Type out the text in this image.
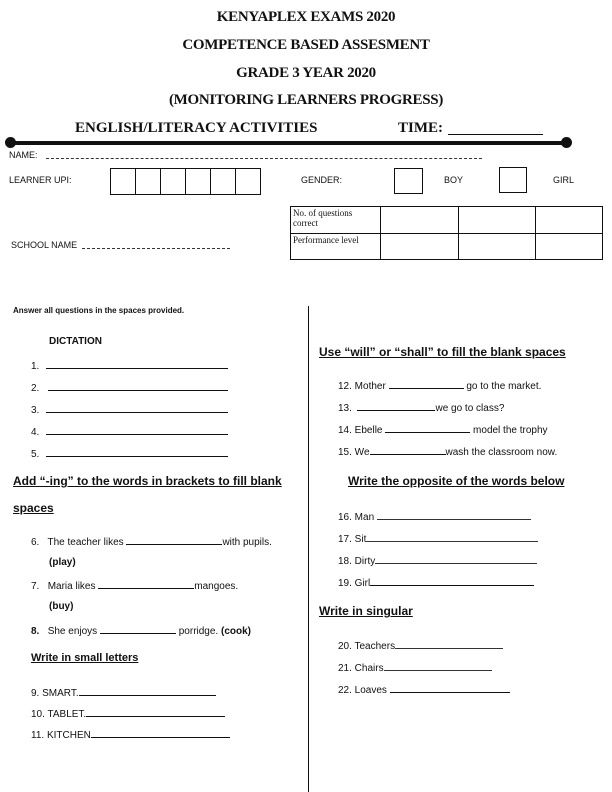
KENYAPLEX EXAMS 2020
COMPETENCE BASED ASSESMENT
GRADE 3 YEAR 2020
(MONITORING LEARNERS PROGRESS)
ENGLISH/LITERACY ACTIVITIES	TIME:
NAME:
LEARNER UPI:	GENDER:	BOY	GIRL
No. of questions correct			
Performance level			
SCHOOL NAME
Answer all questions in the spaces provided.
DICTATION
1.
2.
3.
4.
5.
Add “-ing” to the words in brackets to fill blank
spaces
6. The teacher likes	with pupils.
(play)
7. Maria likes	mangoes.
(buy)
8. She enjoys	porridge. (cook)
Write in small letters
9. SMART.
10. TABLET.
11. KITCHEN
Use “will” or “shall” to fill the blank spaces
12. Mother	go to the market.
13.	we go to class?
14. Ebelle	model the trophy
15. We	wash the classroom now.
Write the opposite of the words below
16. Man
17. Sit
18. Dirty
19. Girl
Write in singular
20. Teachers
21. Chairs
22. Loaves
